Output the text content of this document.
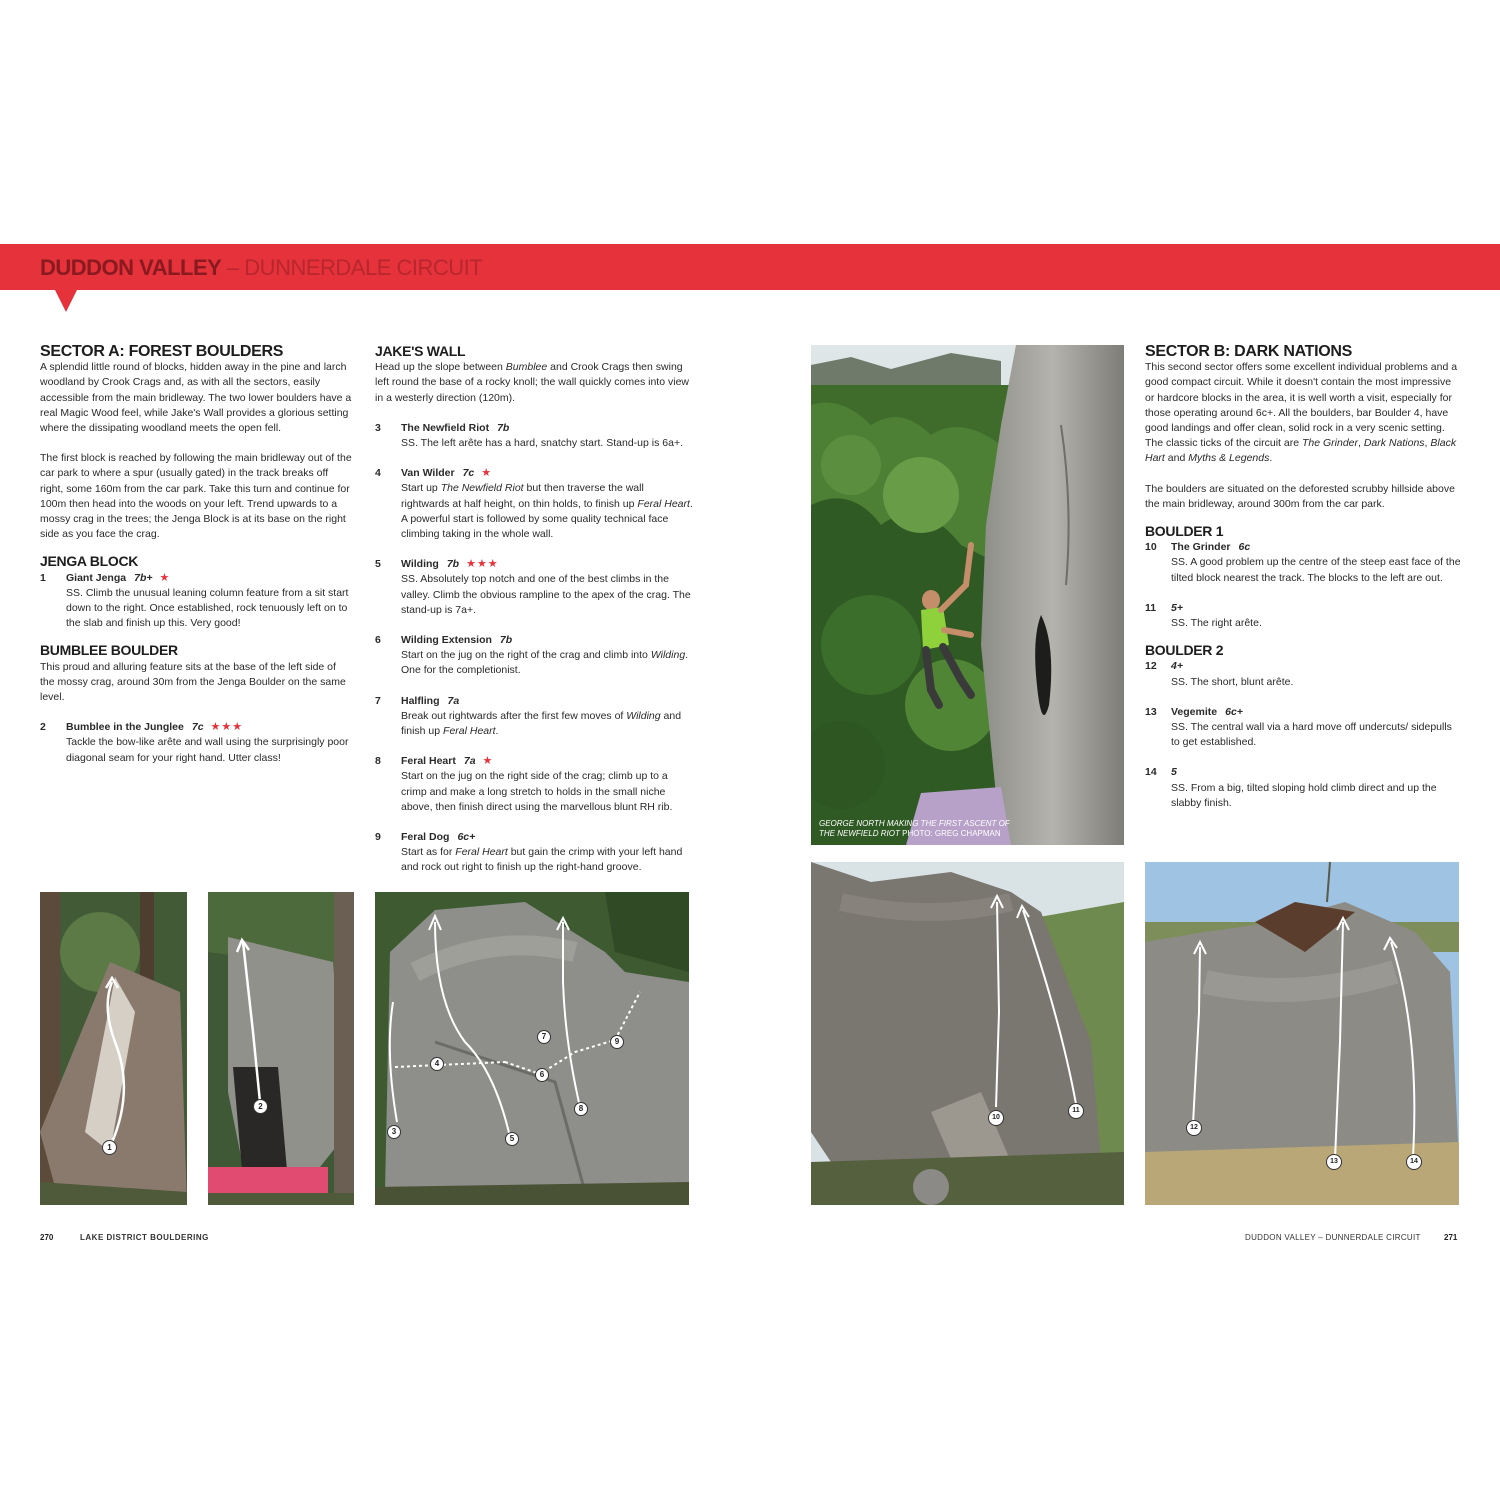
DUDDON VALLEY – DUNNERDALE CIRCUIT
SECTOR A: FOREST BOULDERS

A splendid little round of blocks, hidden away in the pine and larch woodland by Crook Crags and, as with all the sectors, easily accessible from the main bridleway. The two lower boulders have a real Magic Wood feel, while Jake's Wall provides a glorious setting where the dissipating woodland meets the open fell.

The first block is reached by following the main bridleway out of the car park to where a spur (usually gated) in the track breaks off right, some 160m from the car park. Take this turn and continue for 100m then head into the woods on your left. Trend upwards to a mossy crag in the trees; the Jenga Block is at its base on the right side as you face the crag.

JENGA BLOCK
1 Giant Jenga 7b+ ★
SS. Climb the unusual leaning column feature from a sit start down to the right. Once established, rock tenuously left on to the slab and finish up this. Very good!
BUMBLEE BOULDER

This proud and alluring feature sits at the base of the left side of the mossy crag, around 30m from the Jenga Boulder on the same level.

2 Bumblee in the Junglee 7c ★★★
Tackle the bow-like arête and wall using the surprisingly poor diagonal seam for your right hand. Utter class!
JAKE'S WALL

Head up the slope between Bumblee and Crook Crags then swing left round the base of a rocky knoll; the wall quickly comes into view in a westerly direction (120m).

3 The Newfield Riot 7b
SS. The left arête has a hard, snatchy start. Stand-up is 6a+.
4 Van Wilder 7c ★
Start up The Newfield Riot but then traverse the wall rightwards at half height, on thin holds, to finish up Feral Heart. A powerful start is followed by some quality technical face climbing taking in the whole wall.
5 Wilding 7b ★★★
SS. Absolutely top notch and one of the best climbs in the valley. Climb the obvious rampline to the apex of the crag. The stand-up is 7a+.
6 Wilding Extension 7b
Start on the jug on the right of the crag and climb into Wilding. One for the completionist.
7 Halfling 7a
Break out rightwards after the first few moves of Wilding and finish up Feral Heart.
8 Feral Heart 7a ★
Start on the jug on the right side of the crag; climb up to a crimp and make a long stretch to holds in the small niche above, then finish direct using the marvellous blunt RH rib.
9 Feral Dog 6c+
Start as for Feral Heart but gain the crimp with your left hand and rock out right to finish up the right-hand groove.
SECTOR B: DARK NATIONS

This second sector offers some excellent individual problems and a good compact circuit. While it doesn't contain the most impressive or hardcore blocks in the area, it is well worth a visit, especially for those operating around 6c+. All the boulders, bar Boulder 4, have good landings and offer clean, solid rock in a very scenic setting. The classic ticks of the circuit are The Grinder, Dark Nations, Black Hart and Myths & Legends.

The boulders are situated on the deforested scrubby hillside above the main bridleway, around 300m from the car park.

BOULDER 1
10 The Grinder 6c
SS. A good problem up the centre of the steep east face of the tilted block nearest the track. The blocks to the left are out.
11 5+
SS. The right arête.
BOULDER 2
12 4+
SS. The short, blunt arête.
13 Vegemite 6c+
SS. The central wall via a hard move off undercuts/ sidepulls to get established.
14 5
SS. From a big, tilted sloping hold climb direct and up the slabby finish.
GEORGE NORTH MAKING THE FIRST ASCENT OF
THE NEWFIELD RIOT PHOTO: GREG CHAPMAN
1
2
3
4
5
6
7
8
9
10
11
12
13	14
270	LAKE DISTRICT BOULDERING	DUDDON VALLEY – DUNNERDALE CIRCUIT	271
